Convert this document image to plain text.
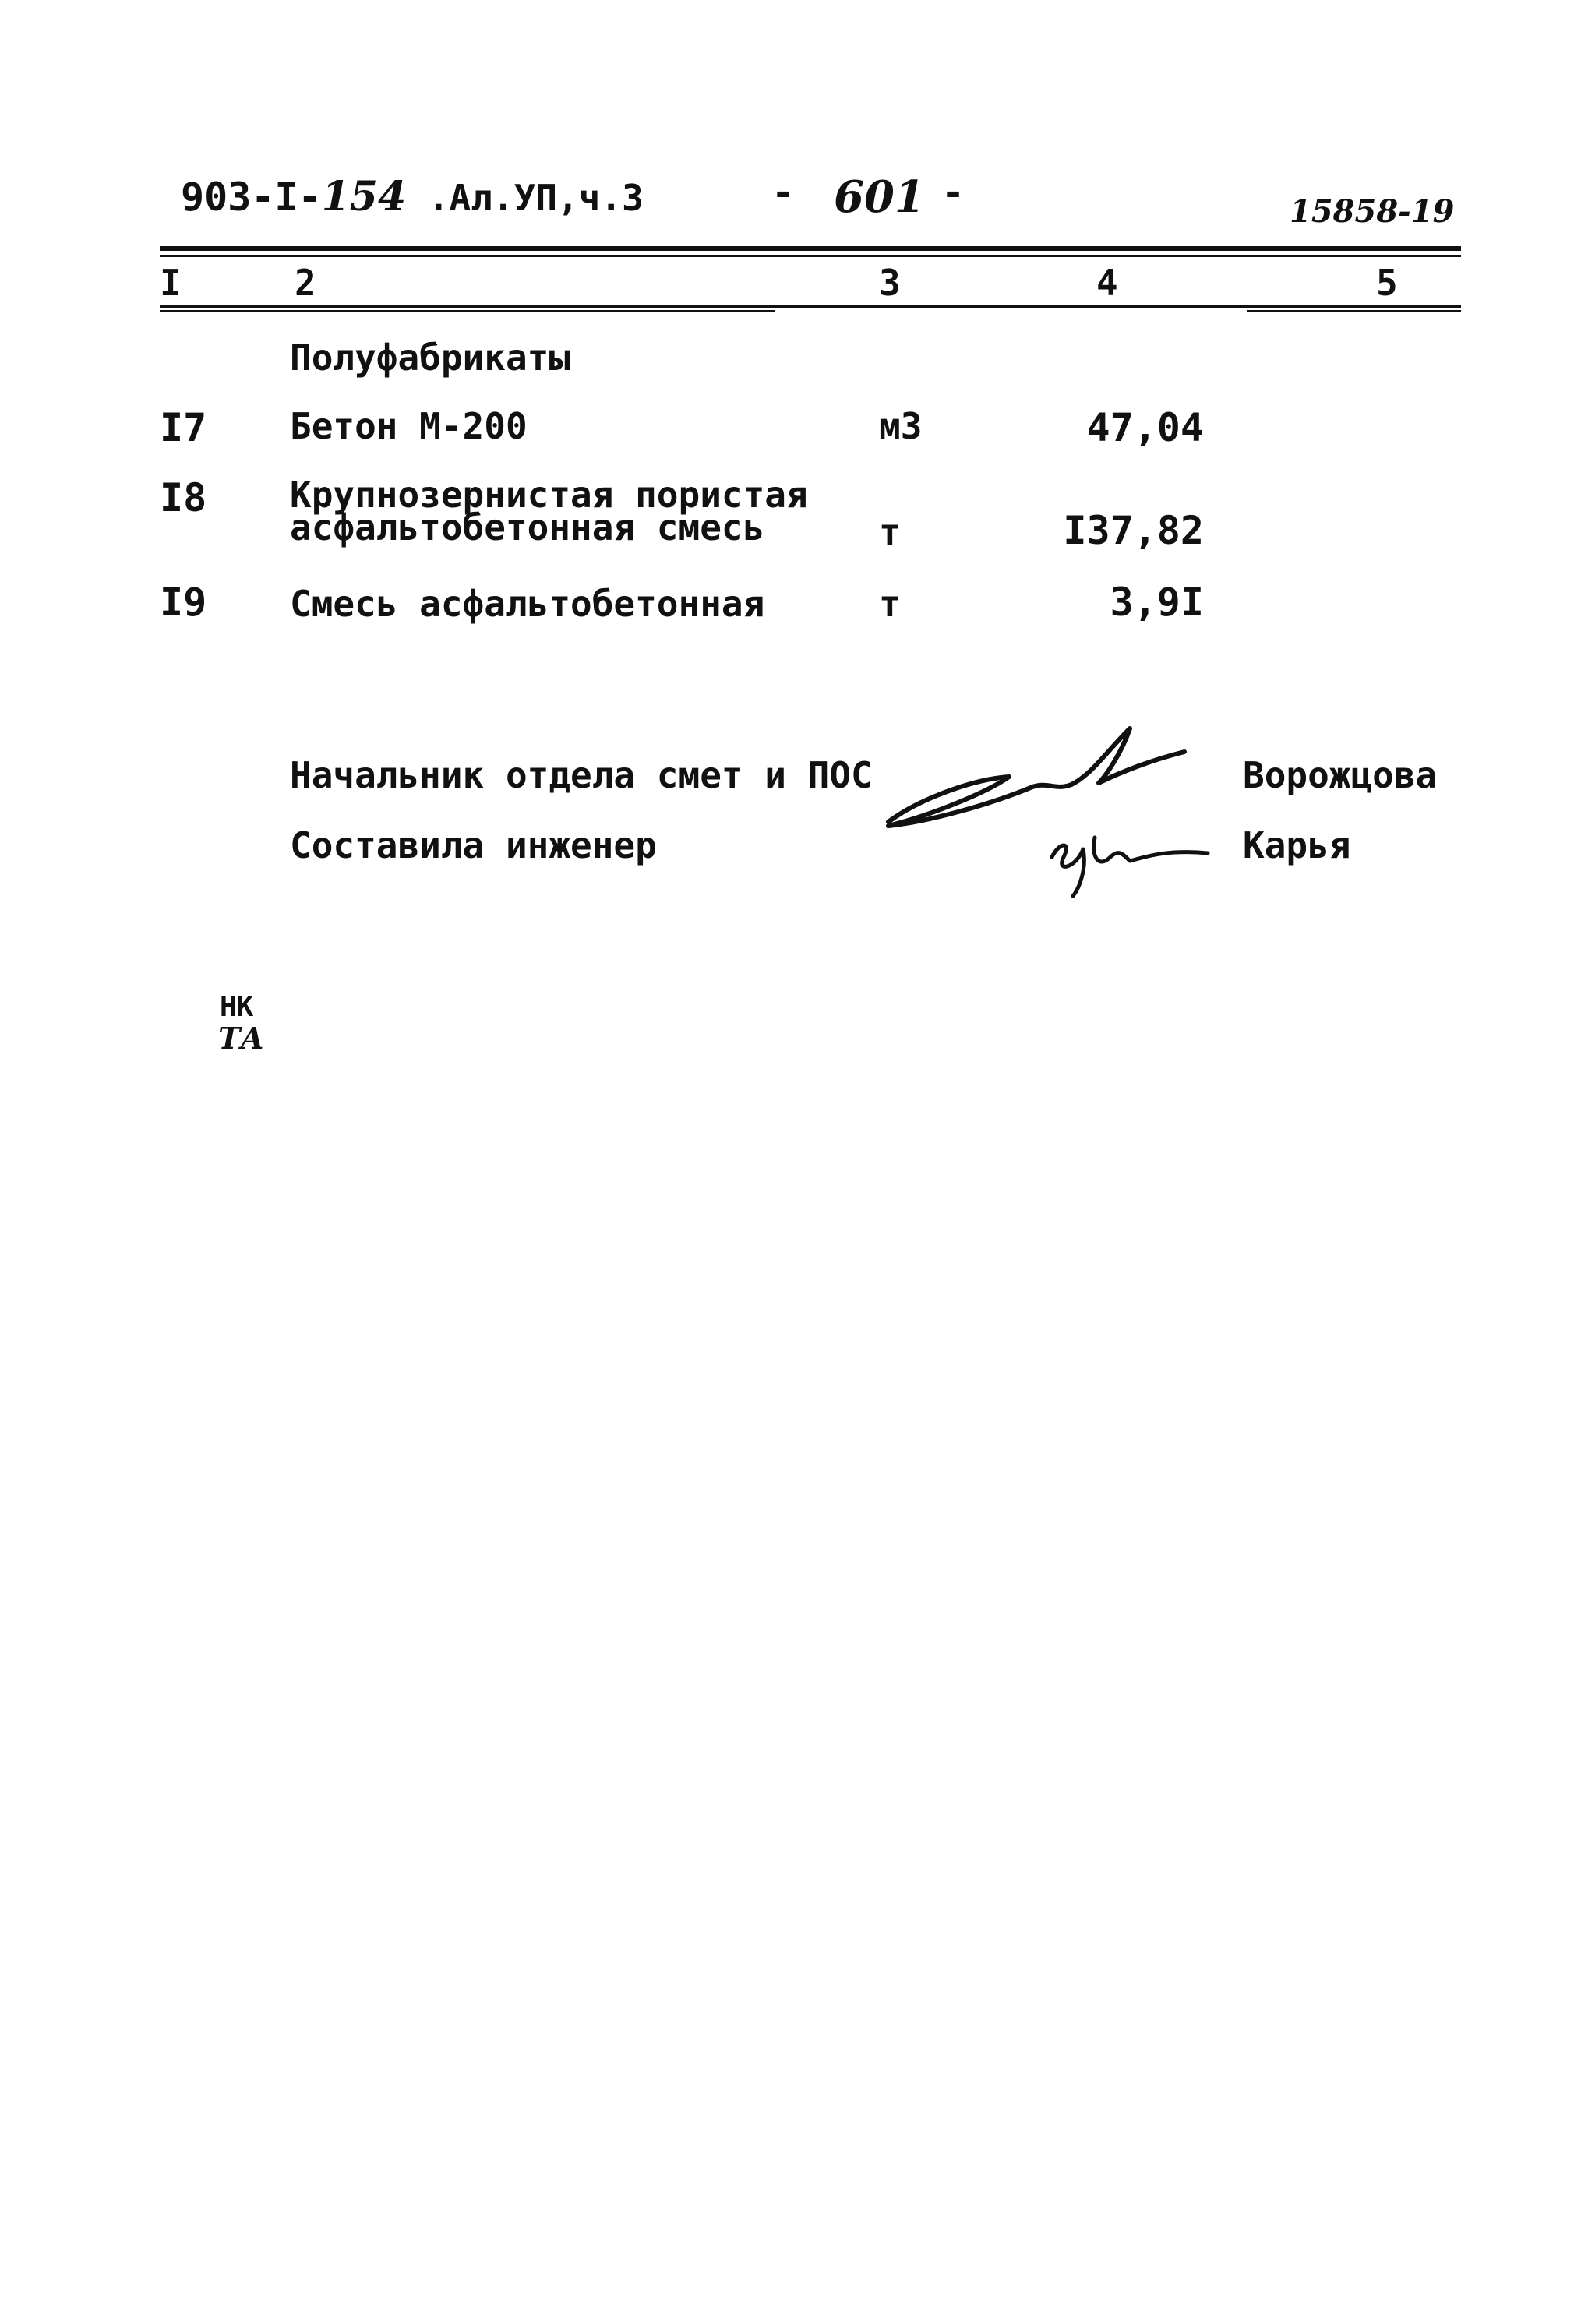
903-I-154 .Ал.УП,ч.3	- 601 -	15858-19
I	2	3	4	5
Полуфабрикаты
I7 Бетон М-200	м3	47,04
I8 Крупнозернистая пористая
асфальтобетонная смесь	т	I37,82
I9 Смесь асфальтобетонная	т	3,9I
Начальник отдела смет и ПОС	Ворожцова
Составила инженер	Карья
НК
ТА
